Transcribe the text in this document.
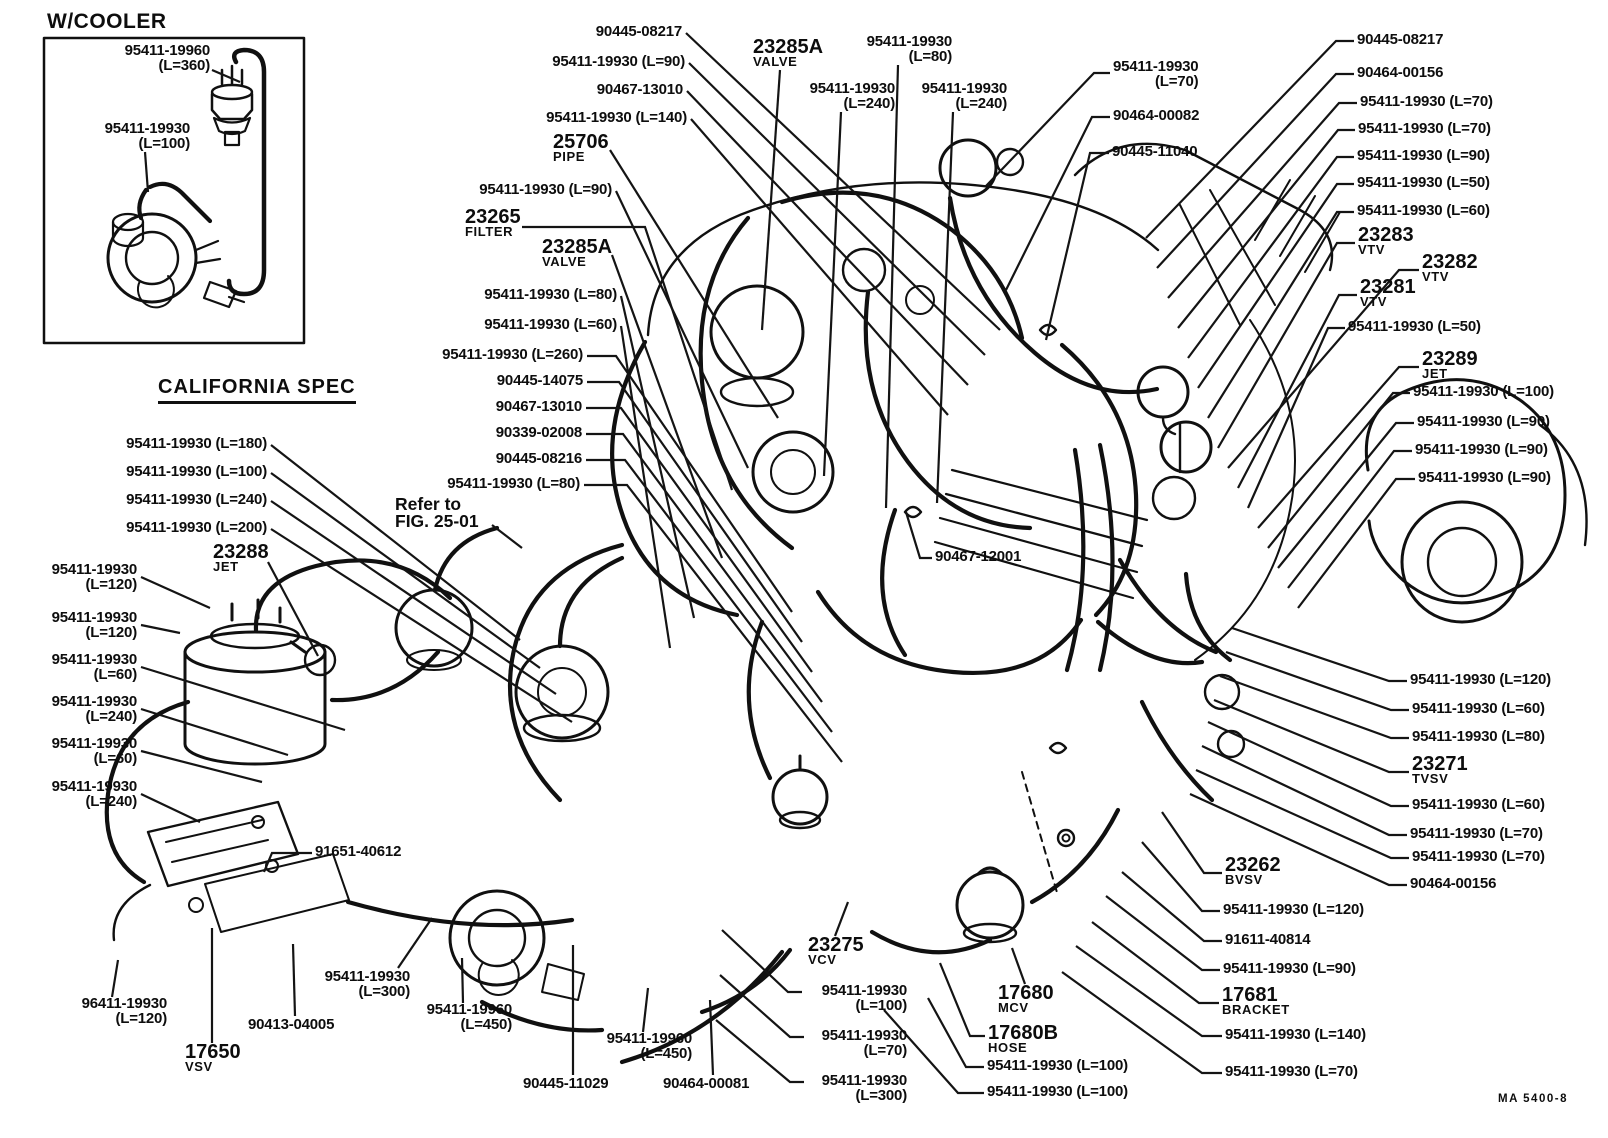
W/COOLER
CALIFORNIA SPEC
MA 5400-8
95411-19960
(L=360)
95411-19930
(L=100)
95411-19930 (L=180)
95411-19930 (L=100)
95411-19930 (L=240)
95411-19930 (L=200)
23288
JET
95411-19930
(L=120)
95411-19930
(L=120)
95411-19930
(L=60)
95411-19930
(L=240)
95411-19930
(L=60)
95411-19930
(L=240)
91651-40612
96411-19930
(L=120)
17650
VSV
90413-04005
95411-19930
(L=300)
95411-19960
(L=450)
90445-11029
95411-19960
(L=450)
90464-00081
23275
VCV
95411-19930
(L=100)
95411-19930
(L=70)
95411-19930
(L=300)
17680
MCV
17680B
HOSE
95411-19930 (L=100)
95411-19930 (L=100)
90445-08217
95411-19930 (L=90)
90467-13010
95411-19930 (L=140)
25706
PIPE
95411-19930 (L=90)
23265
FILTER
23285A
VALVE
95411-19930 (L=80)
95411-19930 (L=60)
95411-19930 (L=260)
90445-14075
90467-13010
90339-02008
90445-08216
95411-19930 (L=80)
Refer to
FIG. 25-01
90467-12001
23285A
VALVE
95411-19930
(L=80)
95411-19930
(L=240)
95411-19930
(L=240)
95411-19930
(L=70)
90464-00082
90445-11040
90445-08217
90464-00156
95411-19930 (L=70)
95411-19930 (L=70)
95411-19930 (L=90)
95411-19930 (L=50)
95411-19930 (L=60)
23283
VTV
23282
VTV
23281
VTV
95411-19930 (L=50)
23289
JET
95411-19930 (L=100)
95411-19930 (L=90)
95411-19930 (L=90)
95411-19930 (L=90)
95411-19930 (L=120)
95411-19930 (L=60)
95411-19930 (L=80)
23271
TVSV
95411-19930 (L=60)
95411-19930 (L=70)
95411-19930 (L=70)
90464-00156
23262
BVSV
95411-19930 (L=120)
91611-40814
95411-19930 (L=90)
17681
BRACKET
95411-19930 (L=140)
95411-19930 (L=70)
